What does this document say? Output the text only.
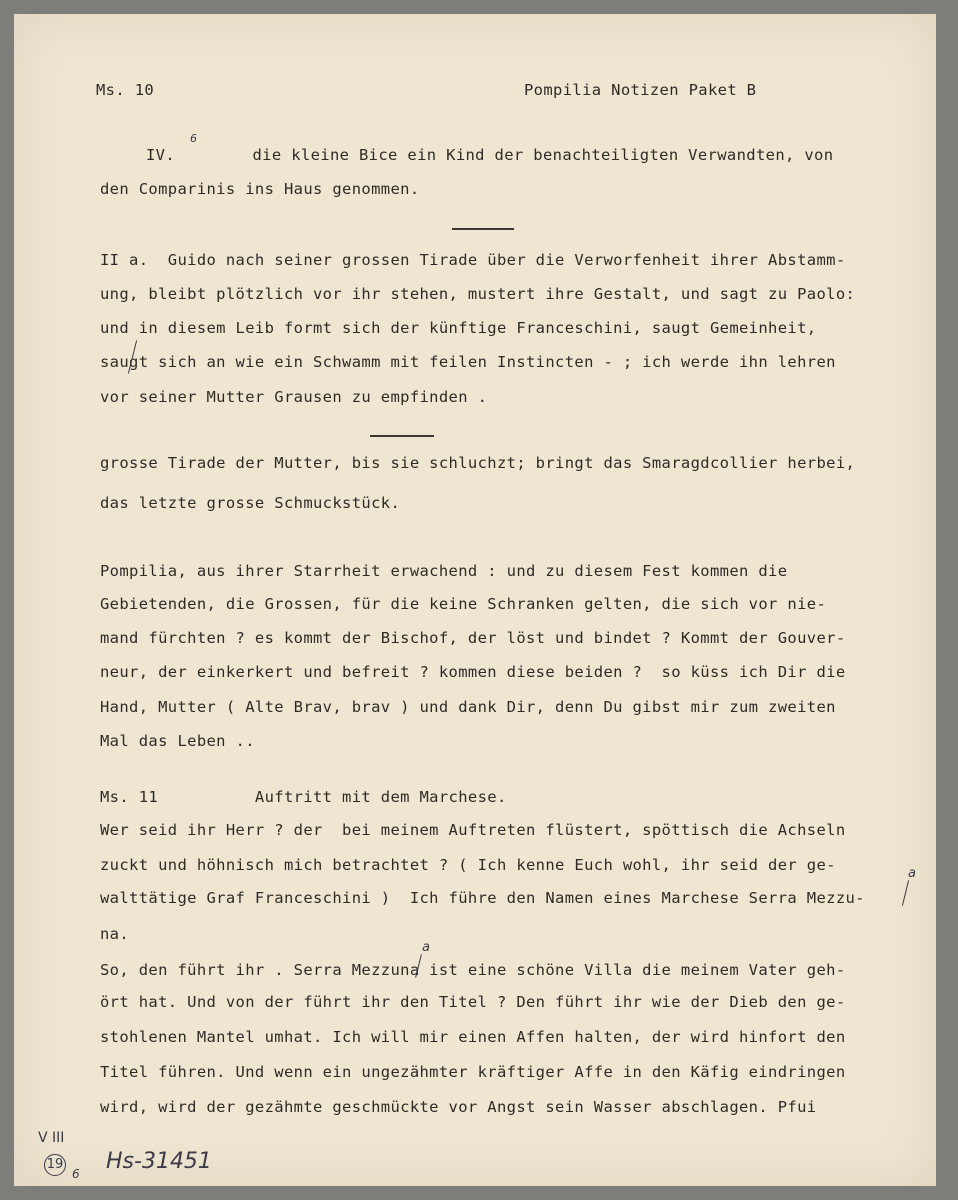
Ms. 10	Pompilia Notizen Paket B
6
IV.        die kleine Bice ein Kind der benachteiligten Verwandten, von
den Comparinis ins Haus genommen.
II a.  Guido nach seiner grossen Tirade über die Verworfenheit ihrer Abstamm-
ung, bleibt plötzlich vor ihr stehen, mustert ihre Gestalt, und sagt zu Paolo:
und in diesem Leib formt sich der künftige Franceschini, saugt Gemeinheit,
saugt sich an wie ein Schwamm mit feilen Instincten - ; ich werde ihn lehren
vor seiner Mutter Grausen zu empfinden .
grosse Tirade der Mutter, bis sie schluchzt; bringt das Smaragdcollier herbei,
das letzte grosse Schmuckstück.
Pompilia, aus ihrer Starrheit erwachend : und zu diesem Fest kommen die
Gebietenden, die Grossen, für die keine Schranken gelten, die sich vor nie-
mand fürchten ? es kommt der Bischof, der löst und bindet ? Kommt der Gouver-
neur, der einkerkert und befreit ? kommen diese beiden ?  so küss ich Dir die
Hand, Mutter ( Alte Brav, brav ) und dank Dir, denn Du gibst mir zum zweiten
Mal das Leben ..
Ms. 11          Auftritt mit dem Marchese.
Wer seid ihr Herr ? der  bei meinem Auftreten flüstert, spöttisch die Achseln
zuckt und höhnisch mich betrachtet ? ( Ich kenne Euch wohl, ihr seid der ge-
walttätige Graf Franceschini )  Ich führe den Namen eines Marchese Serra Mezzu-
na.
So, den führt ihr . Serra Mezzuna ist eine schöne Villa die meinem Vater geh-
ört hat. Und von der führt ihr den Titel ? Den führt ihr wie der Dieb den ge-
stohlenen Mantel umhat. Ich will mir einen Affen halten, der wird hinfort den
Titel führen. Und wenn ein ungezähmter kräftiger Affe in den Käfig eindringen
wird, wird der gezähmte geschmückte vor Angst sein Wasser abschlagen. Pfui
a
a
V III
19
6 Hs-31451
